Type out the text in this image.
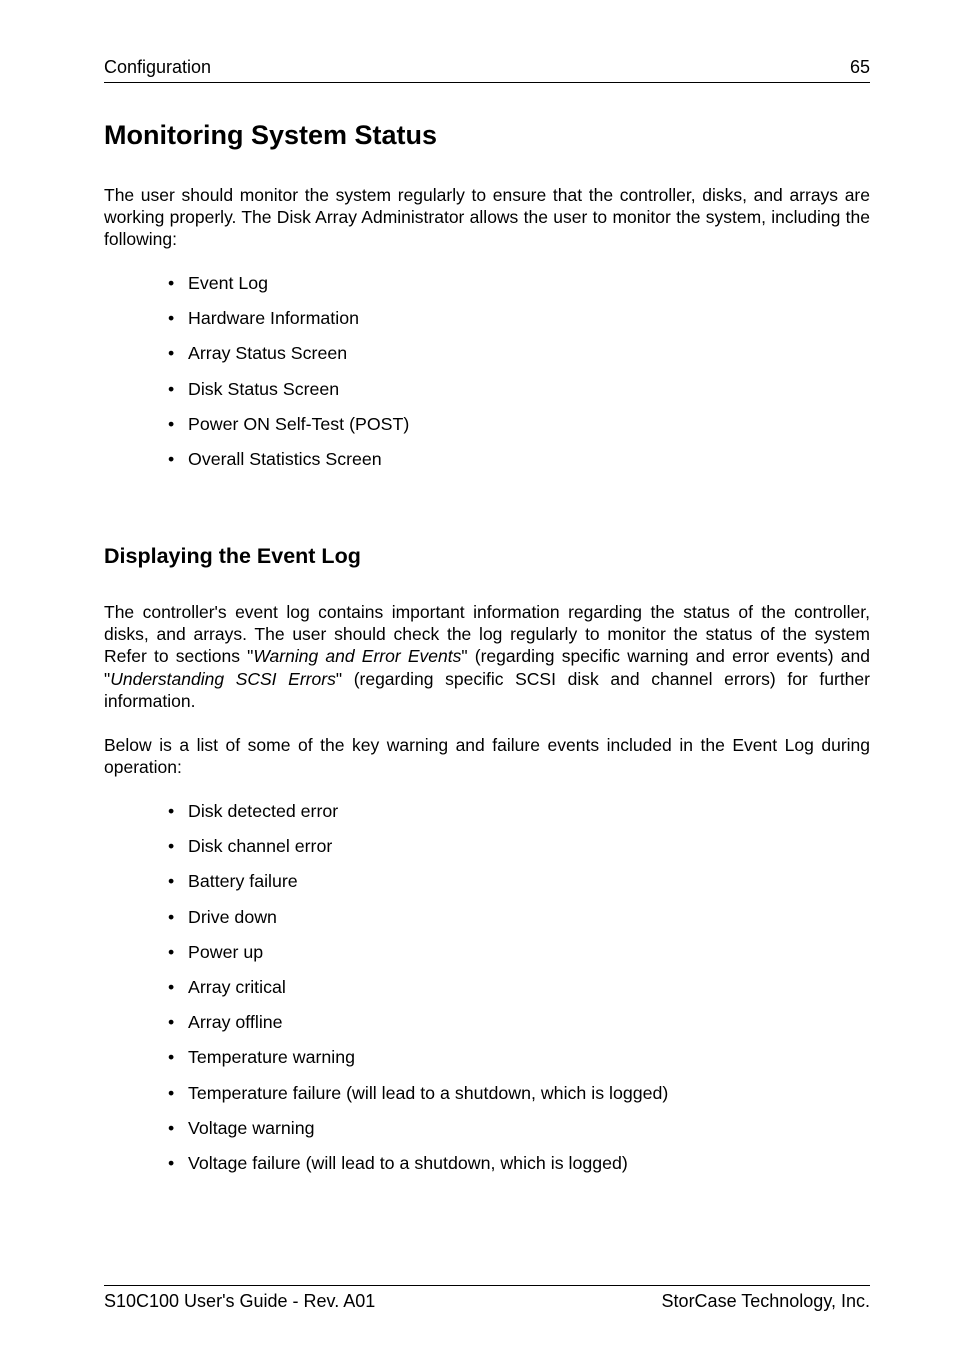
Configuration	65
Monitoring System Status

The user should monitor the system regularly to ensure that the controller, disks, and arrays are working properly. The Disk Array Administrator allows the user to monitor the system, including the following:

• Event Log
• Hardware Information
• Array Status Screen
• Disk Status Screen
• Power ON Self-Test (POST)
• Overall Statistics Screen
Displaying the Event Log

The controller's event log contains important information regarding the status of the controller, disks, and arrays. The user should check the log regularly to monitor the status of the system Refer to sections "Warning and Error Events" (regarding specific warning and error events) and "Understanding SCSI Errors" (regarding specific SCSI disk and channel errors) for further information.

Below is a list of some of the key warning and failure events included in the Event Log during operation:

• Disk detected error
• Disk channel error
• Battery failure
• Drive down
• Power up
• Array critical
• Array offline
• Temperature warning
• Temperature failure (will lead to a shutdown, which is logged)
• Voltage warning
• Voltage failure (will lead to a shutdown, which is logged)
S10C100 User's Guide - Rev. A01	StorCase Technology, Inc.
